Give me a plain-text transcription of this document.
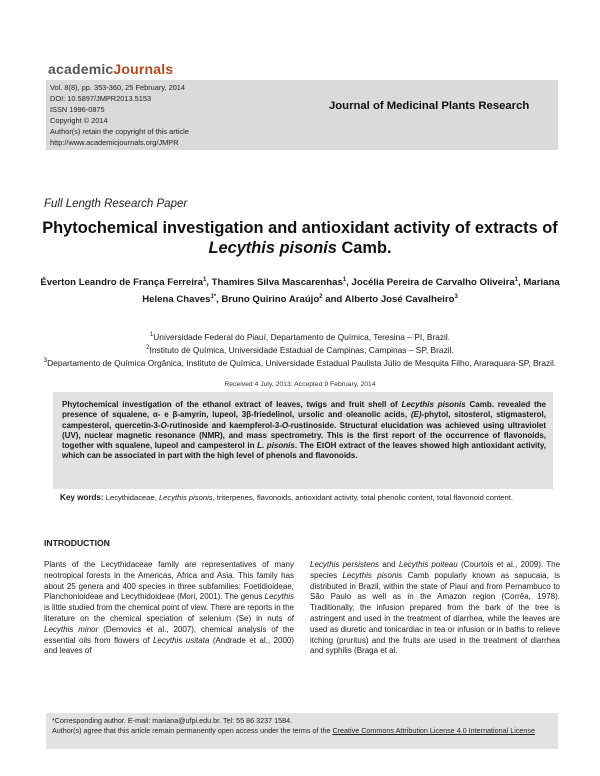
academicJournals
Vol. 8(8), pp. 353-360, 25 February, 2014
DOI: 10.5897/JMPR2013.5153
ISSN 1996-0875
Copyright © 2014
Author(s) retain the copyright of this article
http://www.academicjournals.org/JMPR
Journal of Medicinal Plants Research
Full Length Research Paper
Phytochemical investigation and antioxidant activity of extracts of Lecythis pisonis Camb.
Éverton Leandro de França Ferreira$^1$, Thamires Silva Mascarenhas$^1$, Jocélia Pereira de Carvalho Oliveira$^1$, Mariana Helena Chaves$^{1*}$, Bruno Quirino Araújo$^2$ and Alberto José Cavalheiro$^3$
$^1$Universidade Federal do Piauí, Departamento de Química, Teresina – PI, Brazil.
$^2$Instituto de Química, Universidade Estadual de Campinas, Campinas – SP, Brazil.
$^3$Departamento de Química Orgânica, Instituto de Química, Universidade Estadual Paulista Júlio de Mesquita Filho, Araraquara-SP, Brazil.
Received 4 July, 2013; Accepted 9 February, 2014
Phytochemical investigation of the ethanol extract of leaves, twigs and fruit shell of Lecythis pisonis Camb. revealed the presence of squalene, α- e β-amyrin, lupeol, 3β-friedelinol, ursolic and oleanolic acids, (E)-phytol, sitosterol, stigmasterol, campesterol, quercetin-3-O-rutinoside and kaempferol-3-O-rustinoside. Structural elucidation was achieved using ultraviolet (UV), nuclear magnetic resonance (NMR), and mass spectrometry. This is the first report of the occurrence of flavonoids, together with squalene, lupeol and campesterol in L. pisonis. The EtOH extract of the leaves showed high antioxidant activity, which can be associated in part with the high level of phenols and flavonoids.
Key words: Lecythidaceae, Lecythis pisonis, triterpenes, flavonoids, antioxidant activity, total phenolic content, total flavonoid content.
INTRODUCTION
Plants of the Lecythidaceae family are representatives of many neotropical forests in the Americas, Africa and Asia. This family has about 25 genera and 400 species in three subfamilies: Foetidioideae, Planchonioideae and Lecythidoideae (Mori, 2001). The genus Lecythis is little studied from the chemical point of view. There are reports in the literature on the chemical speciation of selenium (Se) in nuts of Lecythis minor (Dernovics et al., 2007), chemical analysis of the essential oils from flowers of Lecythis usitata (Andrade et al., 2000) and leaves of
Lecythis persistens and Lecythis poiteau (Courtois et al., 2009). The species Lecythis pisonis Camb popularly known as sapucaia, is distributed in Brazil, within the state of Piauí and from Pernambuco to São Paulo as well as in the Amazon region (Corrêa, 1978). Traditionally, the infusion prepared from the bark of the tree is astringent and used in the treatment of diarrhea, while the leaves are used as diuretic and tonicardiac in tea or infusion or in baths to relieve itching (pruritus) and the fruits are used in the treatment of diarrhea and syphilis (Braga et al.
*Corresponding author. E-mail: mariana@ufpi.edu.br. Tel: 55 86 3237 1584.
Author(s) agree that this article remain permanently open access under the terms of the Creative Commons Attribution License 4.0 International License
